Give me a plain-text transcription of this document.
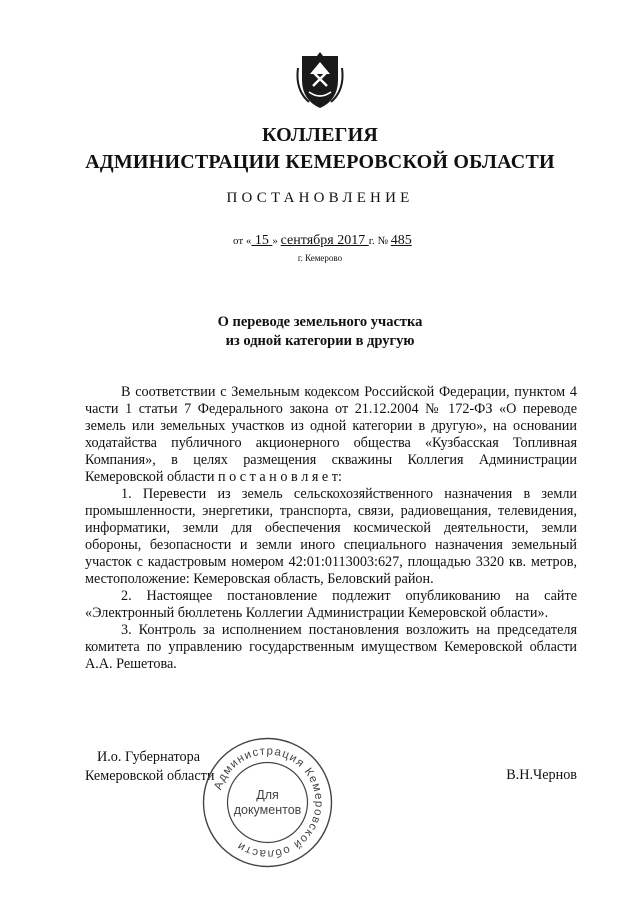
КОЛЛЕГИЯ
АДМИНИСТРАЦИИ КЕМЕРОВСКОЙ ОБЛАСТИ
ПОСТАНОВЛЕНИЕ
от « 15 » сентября 2017 г. № 485
г. Кемерово
О переводе земельного участка
из одной категории в другую

В соответствии с Земельным кодексом Российской Федерации, пунктом 4 части 1 статьи 7 Федерального закона от 21.12.2004 № 172-ФЗ «О переводе земель или земельных участков из одной категории в другую», на основании ходатайства публичного акционерного общества «Кузбасская Топливная Компания», в целях размещения скважины Коллегия Администрации Кемеровской области п о с т а н о в л я е т:

1. Перевести из земель сельскохозяйственного назначения в земли промышленности, энергетики, транспорта, связи, радиовещания, телевидения, информатики, земли для обеспечения космической деятельности, земли обороны, безопасности и земли иного специального назначения земельный участок с кадастровым номером 42:01:0113003:627, площадью 3320 кв. метров, местоположение: Кемеровская область, Беловский район.

2. Настоящее постановление подлежит опубликованию на сайте «Электронный бюллетень Коллегии Администрации Кемеровской области».

3. Контроль за исполнением постановления возложить на председателя комитета по управлению государственным имуществом Кемеровской области А.А. Решетова.

И.о. Губернатора
Кемеровской области	В.Н.Чернов
Администрация Кемеровской области
Для
документов
